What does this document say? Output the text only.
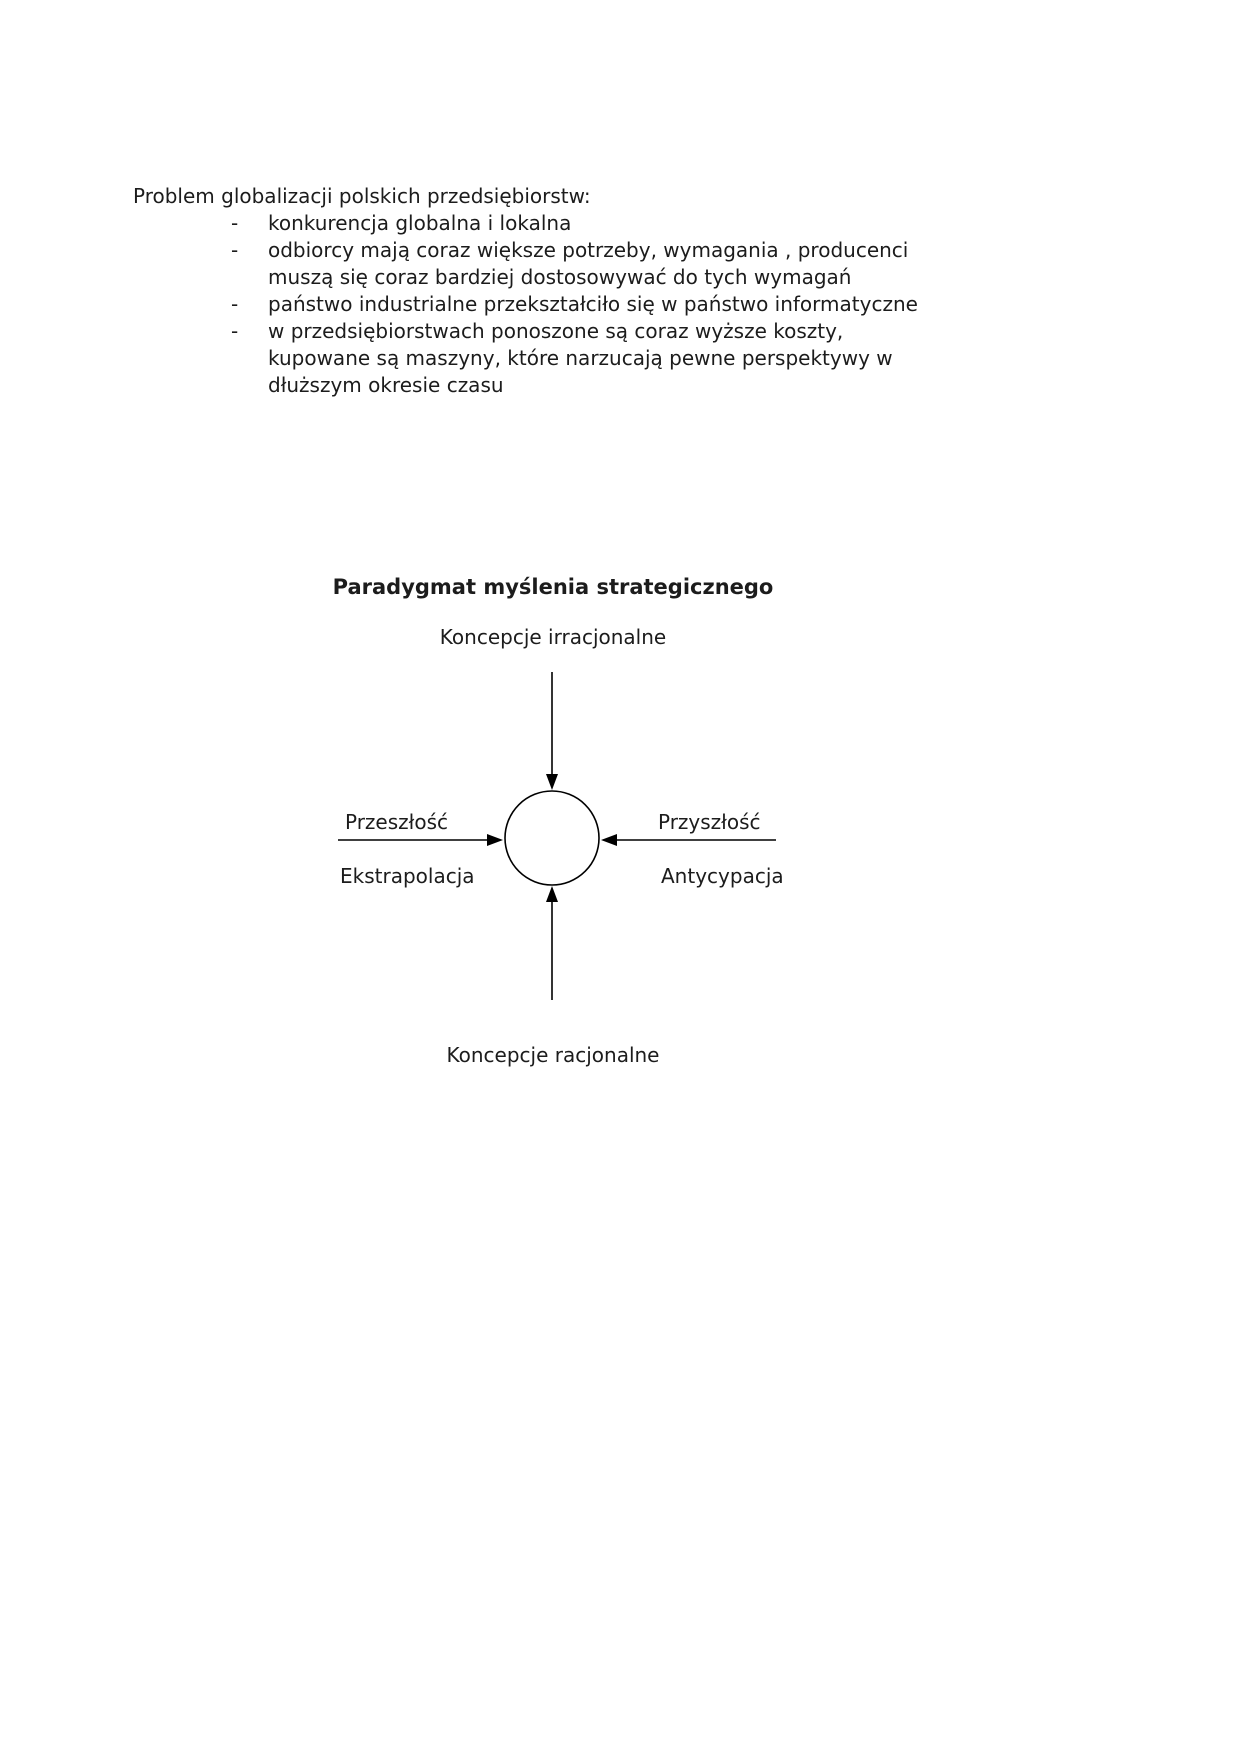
Problem globalizacji polskich przedsiębiorstw:
-	konkurencja globalna i lokalna
-	odbiorcy mają coraz większe potrzeby, wymagania , producenci muszą się coraz bardziej dostosowywać do tych wymagań
-	państwo industrialne przekształciło się w państwo informatyczne
-	w przedsiębiorstwach ponoszone są coraz wyższe koszty, kupowane są maszyny, które narzucają pewne perspektywy w dłuższym okresie czasu
Paradygmat myślenia strategicznego
Koncepcje irracjonalne
Przeszłość
Ekstrapolacja
Przyszłość
Antycypacja
Koncepcje racjonalne
